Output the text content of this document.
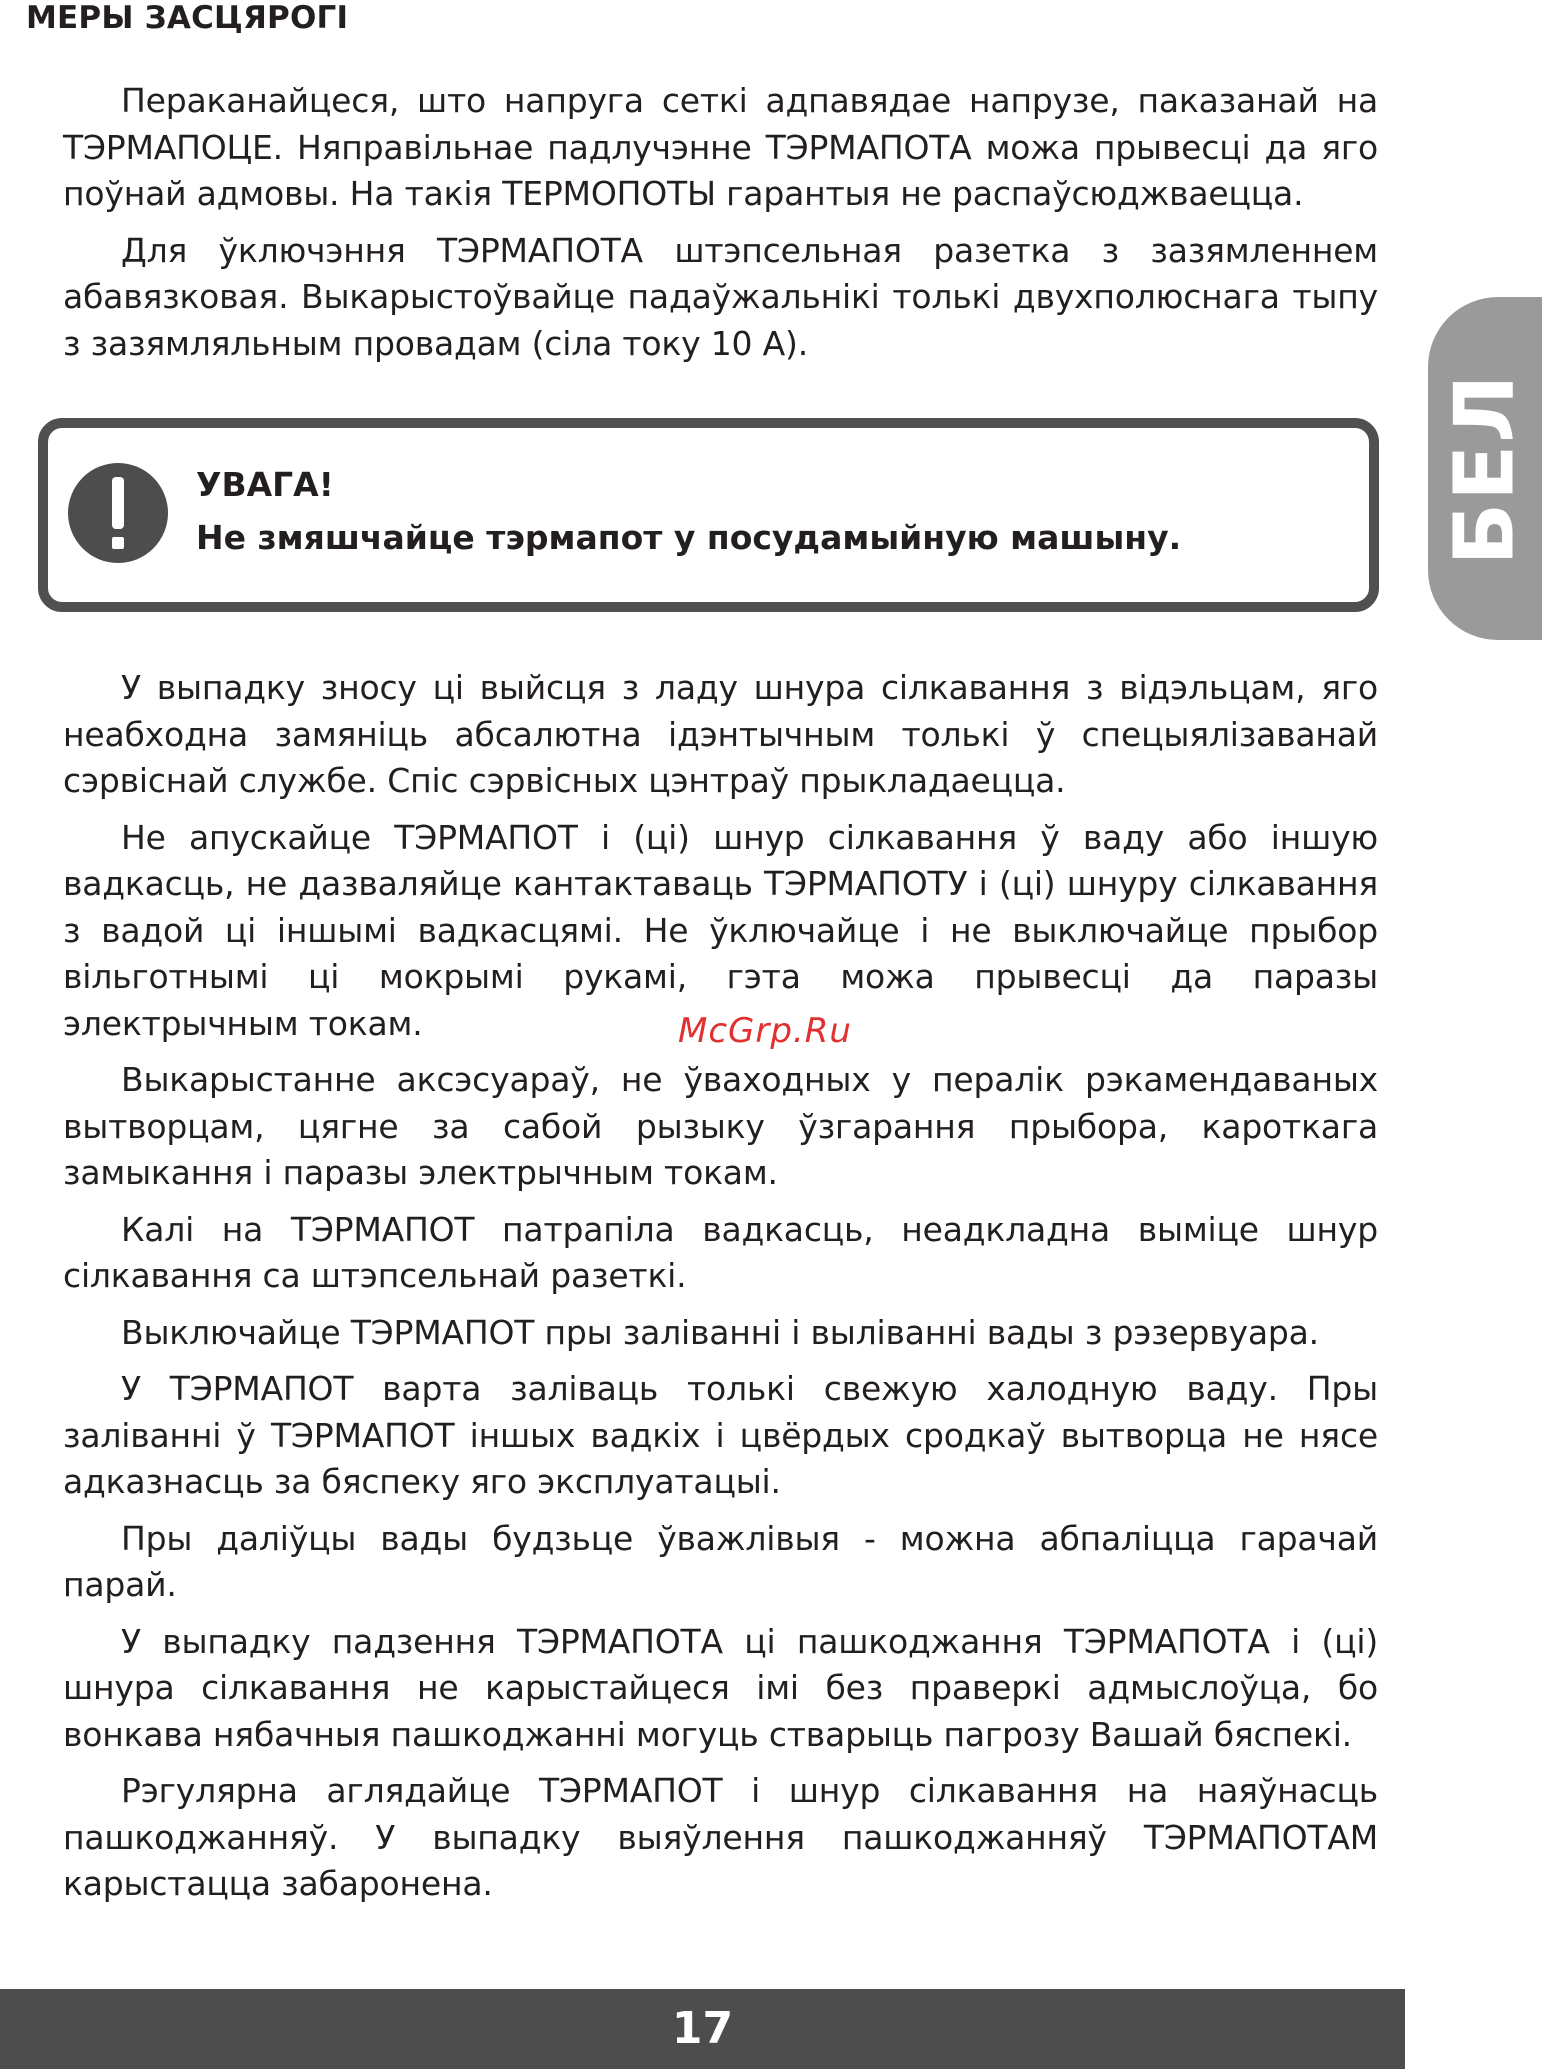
МЕРЫ ЗАСЦЯРОГІ

Пераканайцеся, што напруга сеткі адпавядае напрузе, паказанай на ТЭРМАПОЦЕ. Няправільнае падлучэнне ТЭРМАПОТА можа прывесці да яго поўнай адмовы. На такія ТЕРМОПОТЫ гарантыя не распаўсюджваецца.

Для ўключэння ТЭРМАПОТА штэпсельная разетка з зазямленнем абавязковая. Выкарыстоўвайце падаўжальнікі толькі двухполюснага тыпу з зазямляльным провадам (сіла току 10 А).

УВАГА!
Не змяшчайце тэрмапот у посудамыйную машыну.

У выпадку зносу ці выйсця з ладу шнура сілкавання з відэльцам, яго неабходна замяніць абсалютна ідэнтычным толькі ў спецыялізаванай сэрвіснай службе. Спіс сэрвісных цэнтраў прыкладаецца.

Не апускайце ТЭРМАПОТ і (ці) шнур сілкавання ў ваду або іншую вадкасць, не дазваляйце кантактаваць ТЭРМАПОТУ і (ці) шнуру сілкавання з вадой ці іншымі вадкасцямі. Не ўключайце і не выключайце прыбор вільготнымі ці мокрымі рукамі, гэта можа прывесці да паразы электрычным токам.

Выкарыстанне аксэсуараў, не ўваходных у пералік рэкамендаваных вытворцам, цягне за сабой рызыку ўзгарання прыбора, кароткага замыкання і паразы электрычным токам.

Калі на ТЭРМАПОТ патрапіла вадкасць, неадкладна выміце шнур сілкавання са штэпсельнай разеткі.

Выключайце ТЭРМАПОТ пры заліванні і выліванні вады з рэзервуара.

У ТЭРМАПОТ варта заліваць толькі свежую халодную ваду. Пры заліванні ў ТЭРМАПОТ іншых вадкіх і цвёрдых сродкаў вытворца не нясе адказнасць за бяспеку яго эксплуатацыі.

Пры даліўцы вады будзьце ўважлівыя - можна абпаліцца гарачай парай.

У выпадку падзення ТЭРМАПОТА ці пашкоджання ТЭРМАПОТА і (ці) шнура сілкавання не карыстайцеся імі без праверкі адмыслоўца, бо вонкава нябачныя пашкоджанні могуць стварыць пагрозу Вашай бяспекі.

Рэгулярна аглядайце ТЭРМАПОТ і шнур сілкавання на наяўнасць пашкоджанняў. У выпадку выяўлення пашкоджанняў ТЭРМАПОТАМ карыстацца забаронена.

McGrp.Ru
БЕЛ
17
